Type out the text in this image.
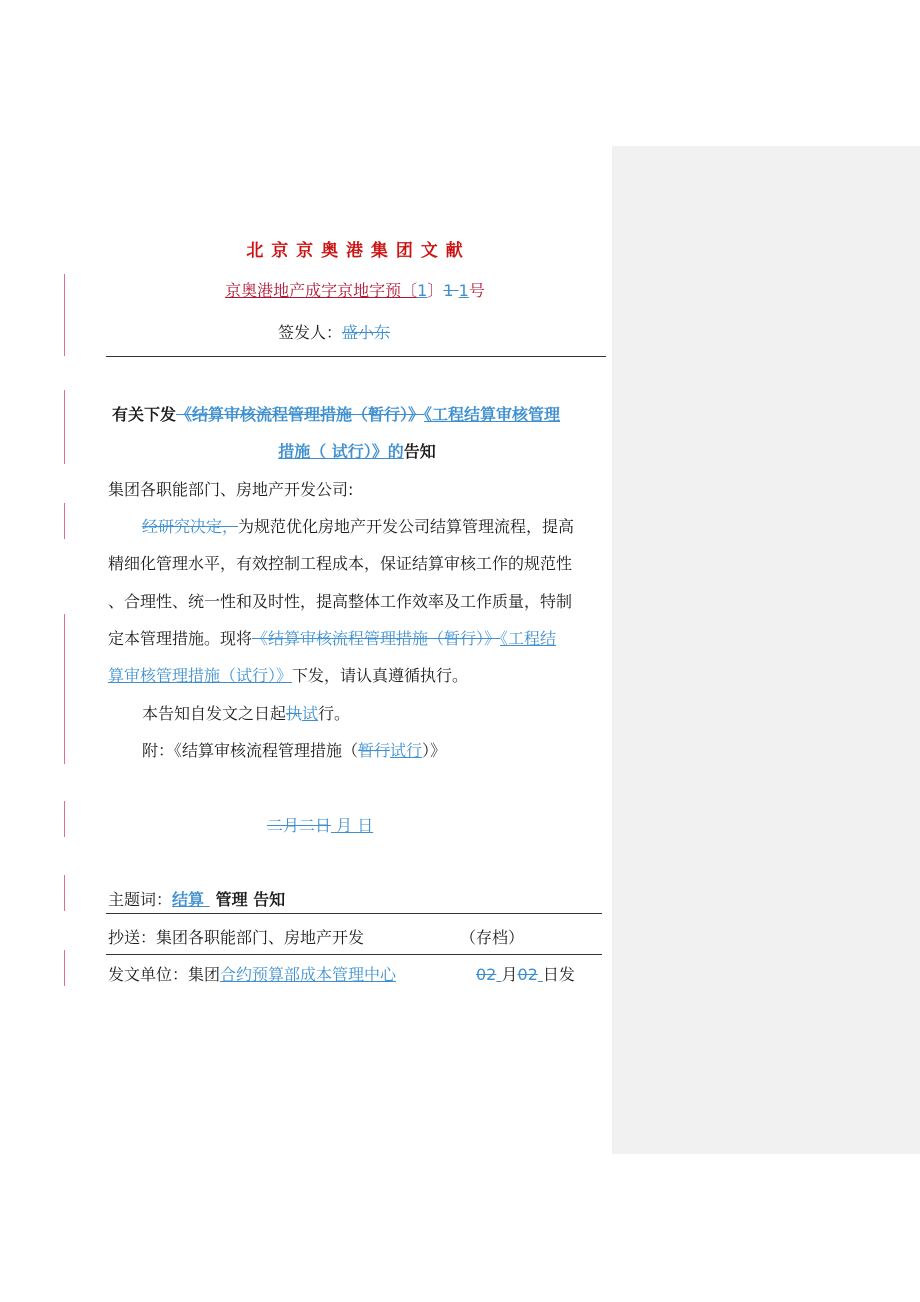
北 京 京 奥 港 集 团 文 献
京奥港地产成字京地字预〔1〕1 1号
签发人：盛小东
有关下发《结算审核流程管理措施（暂行）》《工程结算审核管理
措施（ 试行）》的告知
集团各职能部门、房地产开发公司:
经研究决定，为规范优化房地产开发公司结算管理流程，提高
精细化管理水平，有效控制工程成本，保证结算审核工作的规范性
、合理性、统一性和及时性，提高整体工作效率及工作质量，特制
定本管理措施。现将《结算审核流程管理措施（暂行）》《工程结
算审核管理措施（试行）》下发，请认真遵循执行。
本告知自发文之日起执试行。
附：《结算审核流程管理措施（暂行试行）》
二月二日 月 日
主题词：结算 管理 告知
抄送：集团各职能部门、房地产开发	（存档）
发文单位：集团合约预算部成本管理中心	02 月02 日发
